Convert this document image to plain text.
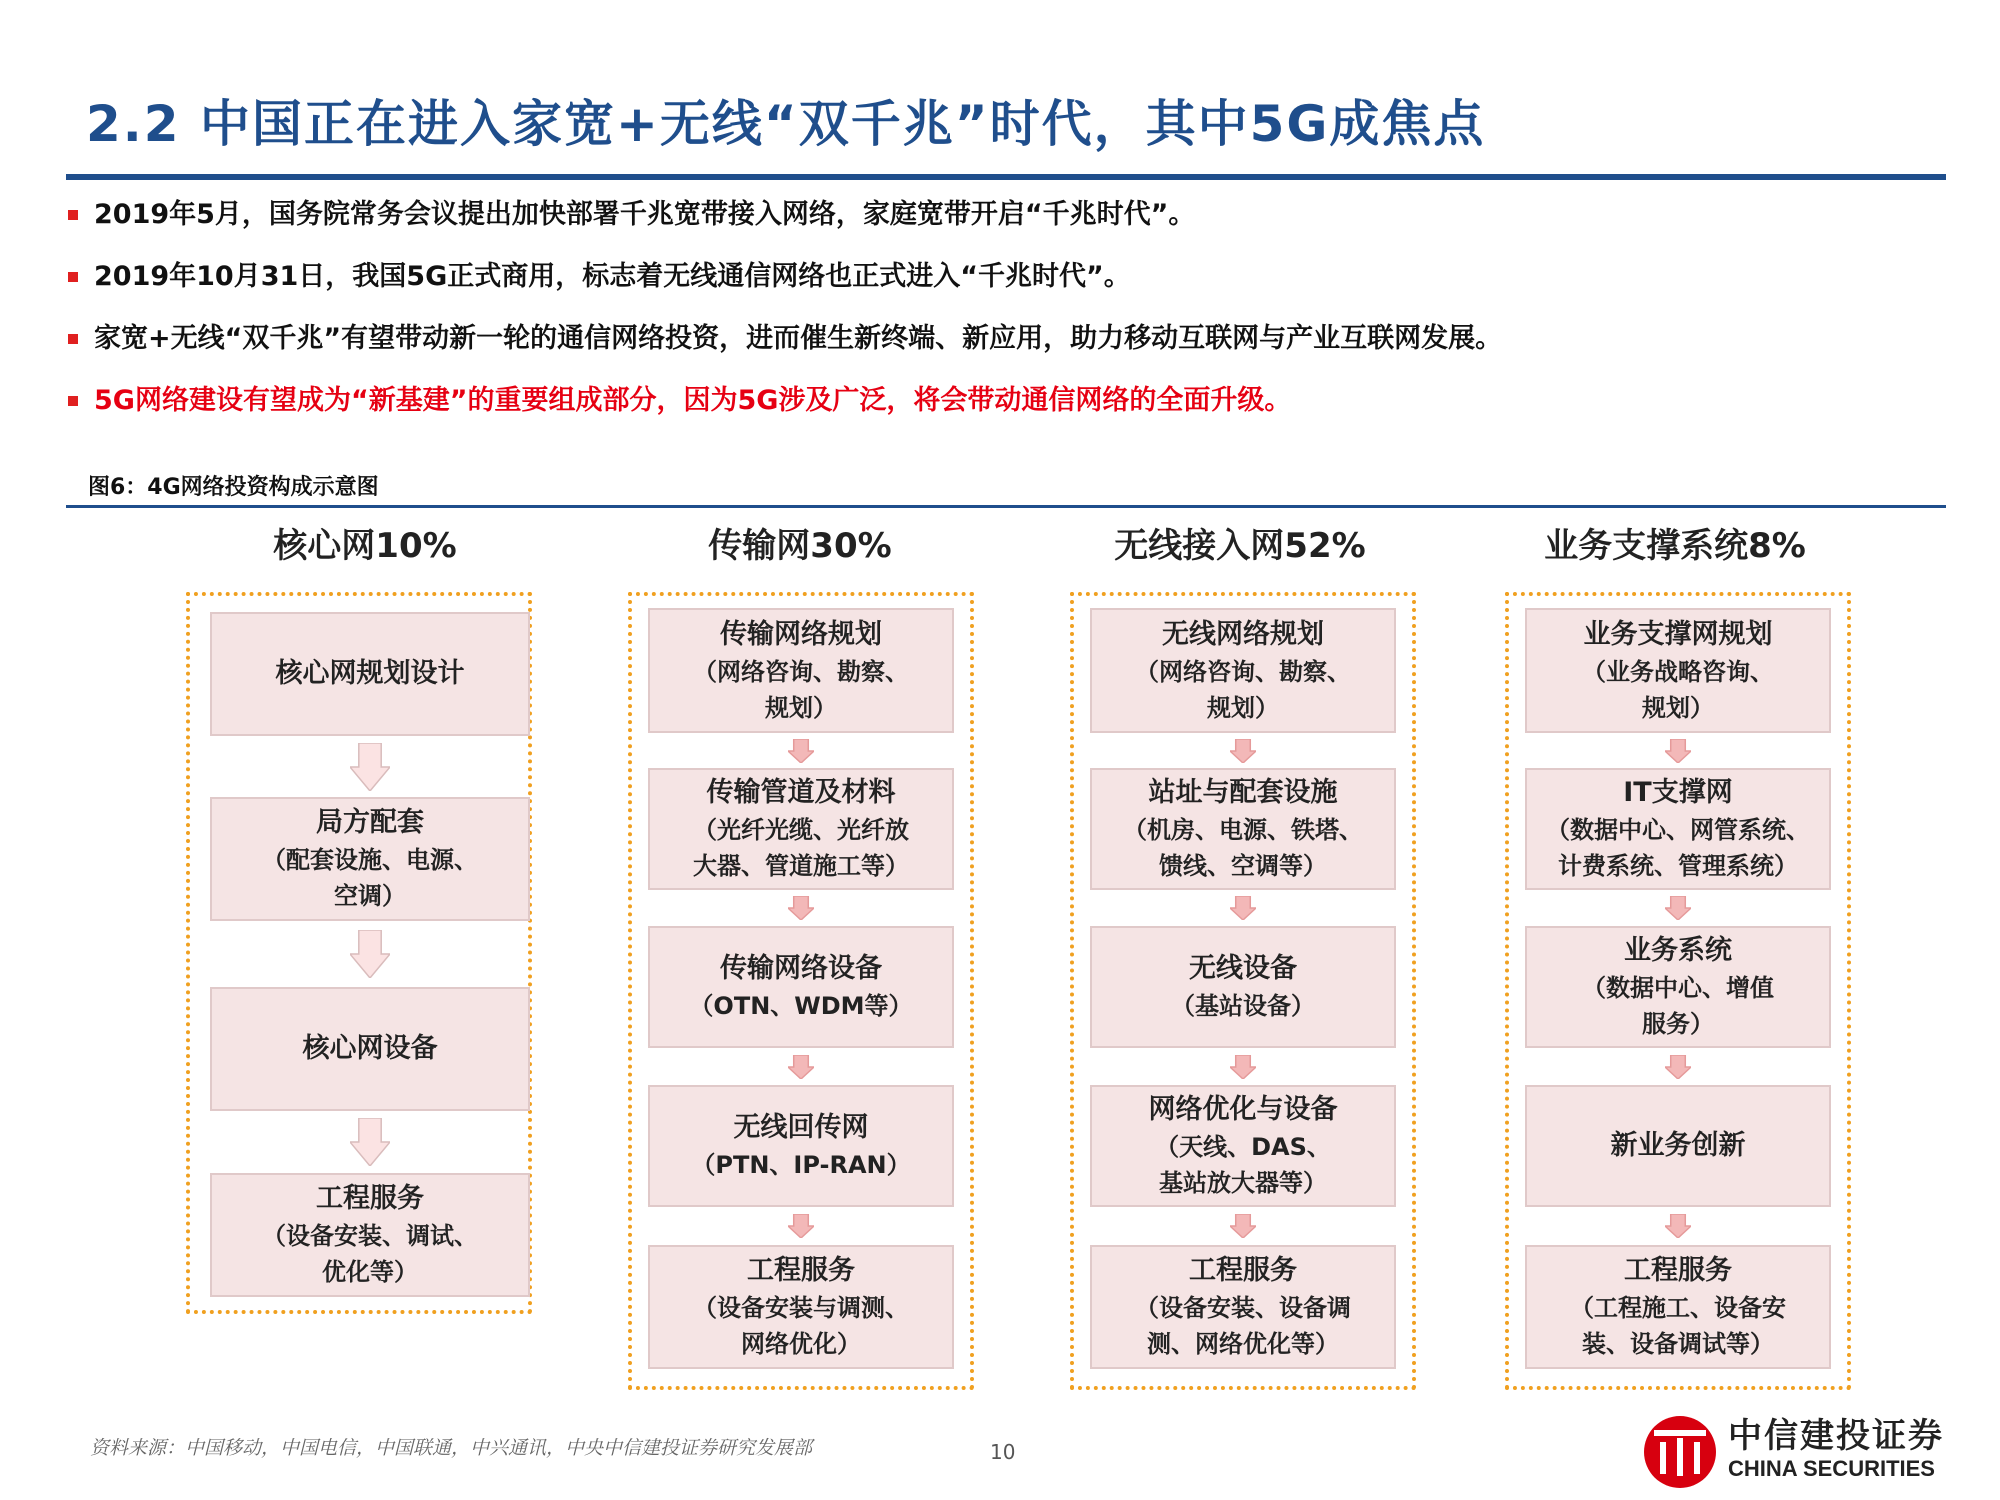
2.2 中国正在进入家宽+无线“双千兆”时代，其中5G成焦点
2019年5月，国务院常务会议提出加快部署千兆宽带接入网络，家庭宽带开启“千兆时代”。
2019年10月31日，我国5G正式商用，标志着无线通信网络也正式进入“千兆时代”。
家宽+无线“双千兆”有望带动新一轮的通信网络投资，进而催生新终端、新应用，助力移动互联网与产业互联网发展。
5G网络建设有望成为“新基建”的重要组成部分，因为5G涉及广泛，将会带动通信网络的全面升级。
图6：4G网络投资构成示意图
核心网10%
核心网规划设计
局方配套
（配套设施、电源、
空调）
核心网设备
工程服务
（设备安装、调试、
优化等）
传输网30%
传输网络规划
（网络咨询、勘察、
规划）
传输管道及材料
（光纤光缆、光纤放
大器、管道施工等）
传输网络设备
（OTN、WDM等）
无线回传网
（PTN、IP-RAN）
工程服务
（设备安装与调测、
网络优化）
无线接入网52%
无线网络规划
（网络咨询、勘察、
规划）
站址与配套设施
（机房、电源、铁塔、
馈线、空调等）
无线设备
（基站设备）
网络优化与设备
（天线、DAS、
基站放大器等）
工程服务
（设备安装、设备调
测、网络优化等）
业务支撑系统8%
业务支撑网规划
（业务战略咨询、
规划）
IT支撑网
（数据中心、网管系统、
计费系统、管理系统）
业务系统
（数据中心、增值
服务）
新业务创新
工程服务
（工程施工、设备安
装、设备调试等）
资料来源：中国移动，中国电信，中国联通，中兴通讯，中央中信建投证券研究发展部	10	中信建投证券
CHINA SECURITIES
